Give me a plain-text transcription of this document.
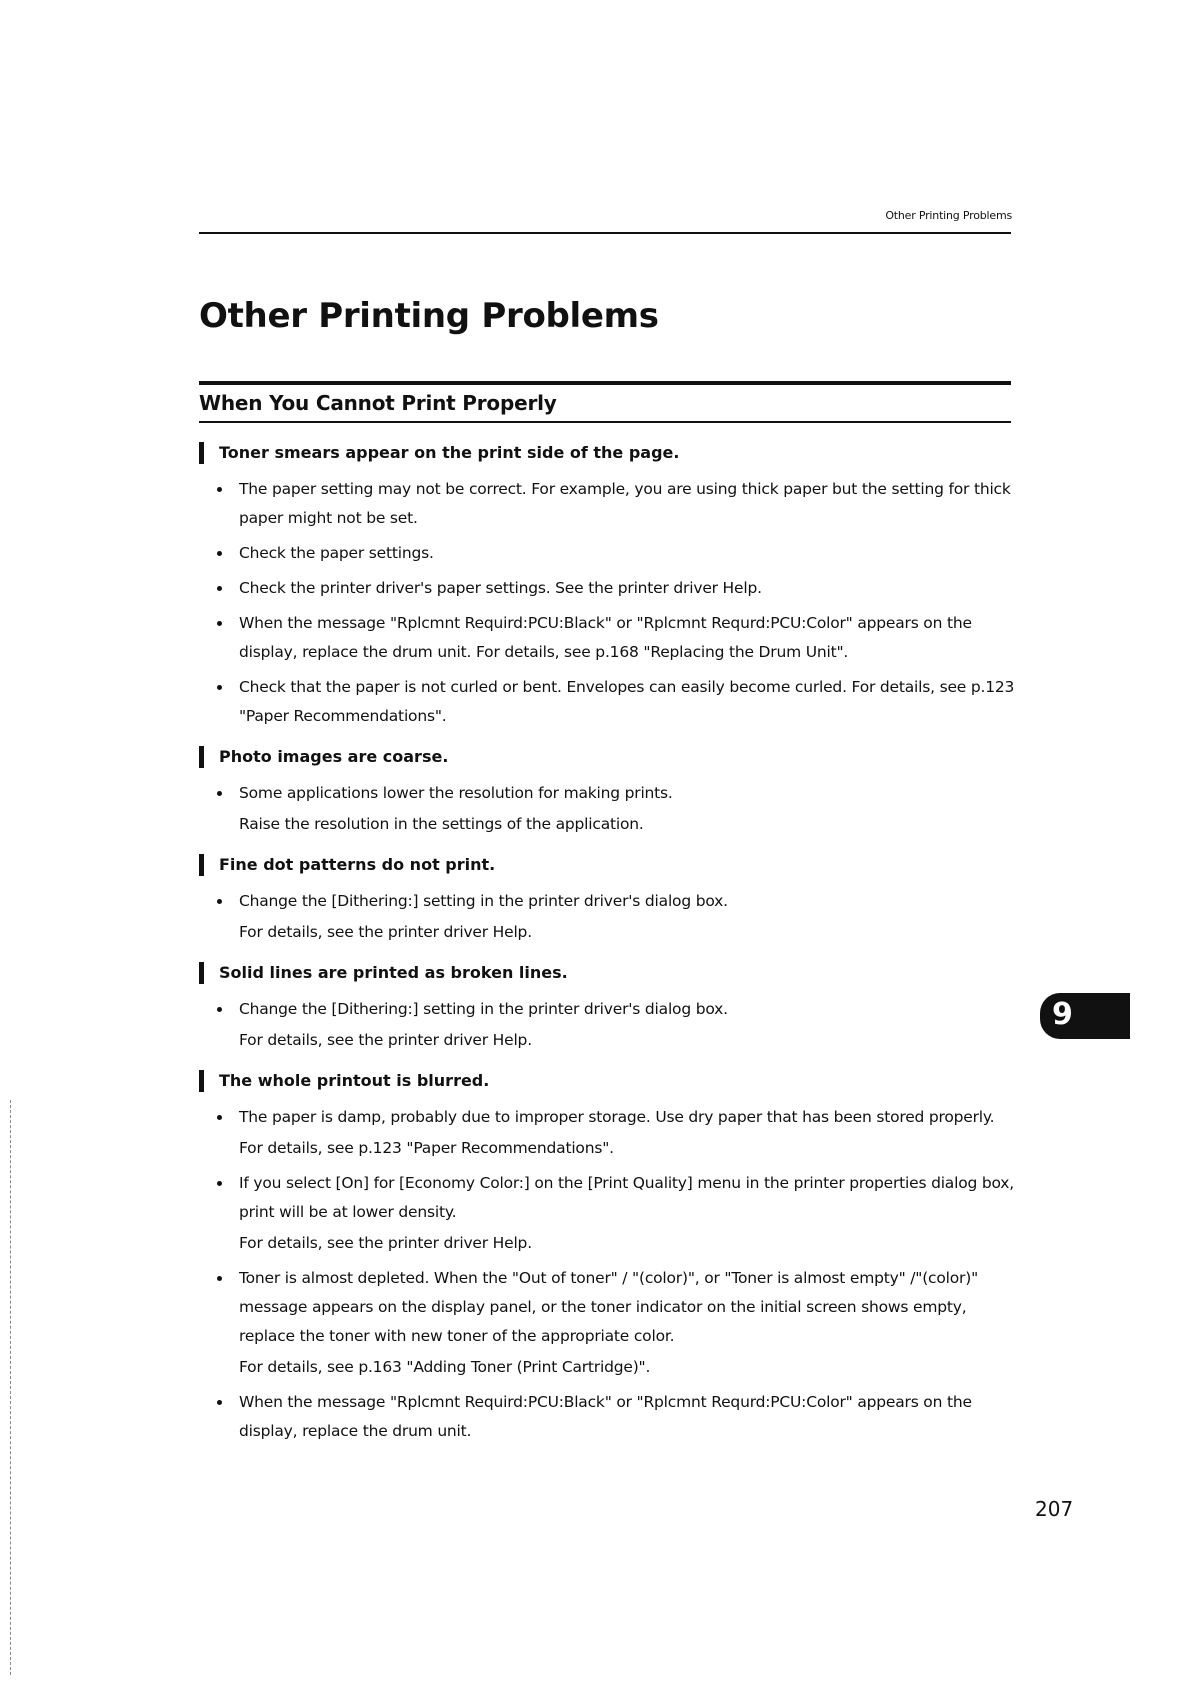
Other Printing Problems
Other Printing Problems
When You Cannot Print Properly
Toner smears appear on the print side of the page.
The paper setting may not be correct. For example, you are using thick paper but the setting for thick paper might not be set.
Check the paper settings.
Check the printer driver's paper settings. See the printer driver Help.
When the message "Rplcmnt Requird:PCU:Black" or "Rplcmnt Requrd:PCU:Color" appears on the display, replace the drum unit. For details, see p.168 "Replacing the Drum Unit".
Check that the paper is not curled or bent. Envelopes can easily become curled. For details, see p.123 "Paper Recommendations".
Photo images are coarse.
Some applications lower the resolution for making prints.
Raise the resolution in the settings of the application.
Fine dot patterns do not print.
Change the [Dithering:] setting in the printer driver's dialog box.
For details, see the printer driver Help.
Solid lines are printed as broken lines.
Change the [Dithering:] setting in the printer driver's dialog box.
For details, see the printer driver Help.
The whole printout is blurred.
The paper is damp, probably due to improper storage. Use dry paper that has been stored properly.
For details, see p.123 "Paper Recommendations".
If you select [On] for [Economy Color:] on the [Print Quality] menu in the printer properties dialog box, print will be at lower density.
For details, see the printer driver Help.
Toner is almost depleted. When the "Out of toner" / "(color)", or "Toner is almost empty" /"(color)" message appears on the display panel, or the toner indicator on the initial screen shows empty, replace the toner with new toner of the appropriate color.
For details, see p.163 "Adding Toner (Print Cartridge)".
When the message "Rplcmnt Requird:PCU:Black" or "Rplcmnt Requrd:PCU:Color" appears on the display, replace the drum unit.
9
207
